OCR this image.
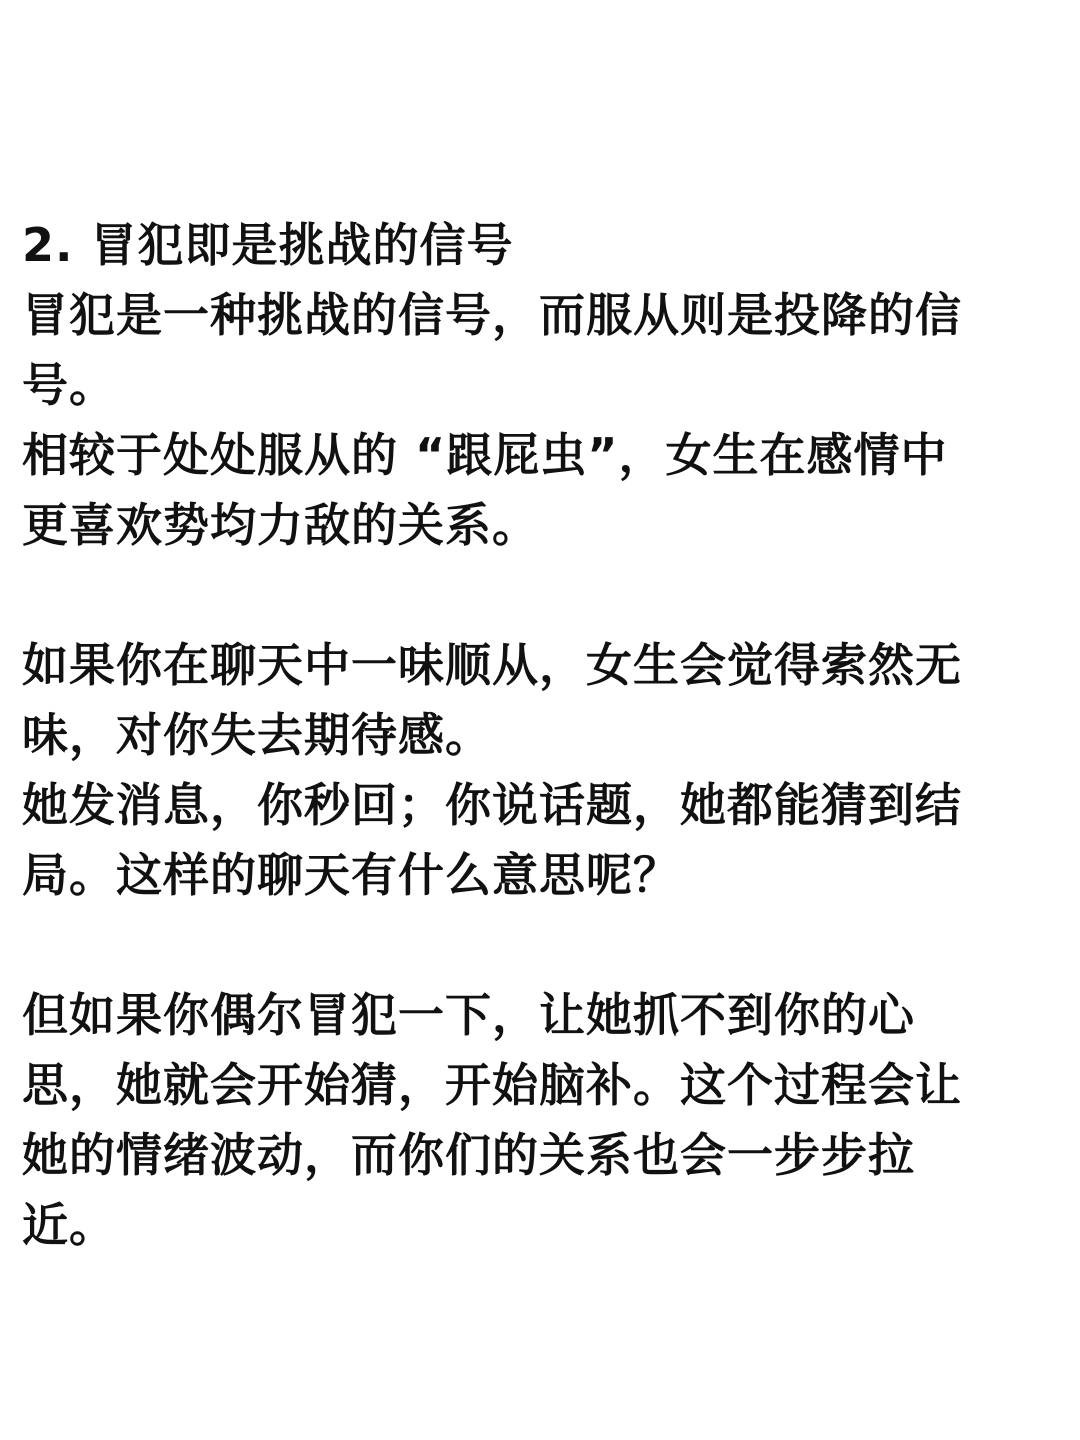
2. 冒犯即是挑战的信号
冒犯是一种挑战的信号，而服从则是投降的信
号。
相较于处处服从的 “跟屁虫”，女生在感情中
更喜欢势均力敌的关系。
如果你在聊天中一味顺从，女生会觉得索然无
味，对你失去期待感。
她发消息，你秒回；你说话题，她都能猜到结
局。这样的聊天有什么意思呢？
但如果你偶尔冒犯一下，让她抓不到你的心
思，她就会开始猜，开始脑补。这个过程会让
她的情绪波动，而你们的关系也会一步步拉
近。
